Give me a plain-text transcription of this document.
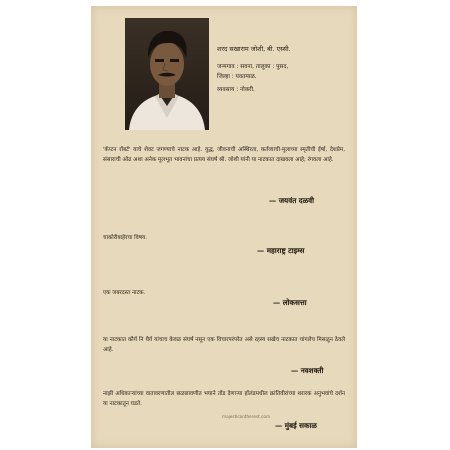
शरद सखाराम जोशी, बी. एस्सी.
जन्मगाव : सवना, तालुका : पुसद,
जिल्हा : यवतमाळ.
व्यवसाय : नोकरी.
'कॅप्टन रॉबर्ट' याचे शेवट जगण्याचे नाटक आहे. युद्ध, जीवनाची अस्थिरता, कर्तव्याची-मुलाच्या स्मृतीची ईर्षा, देशप्रेम, संसाराची ओढ अशा अनेक मूलभूत भावनांचा प्रत्यय संघर्ष श्री. जोशी यांनी या नाटकात दाखवला आहे; रंगवला आहे.
— जयवंत दळवी
चाकोरीबाहेरचा विषय.
— महाराष्ट्र टाइम्स
एक जबरदस्त नाटक.
— लोकसत्ता
या नाटकात कौर्य नि धैर्य यांचाच केवळ संघर्ष नसून एक विचारपरंपरेत असे रहस्य सखेच नाटकात चांगलेच मिसळून ठेवले आहे.
— नवशक्ती
नाझी अधिकाऱ्यांच्या वातावरणातील छळछावणीत भयाने तोंड देणाऱ्या हॉलंडमधील क्रांतिवीरांच्या थरारक अनुभवांचे दर्शन या नाटकातून घडते.
majesticontherest.com
— मुंबई सकाळ
